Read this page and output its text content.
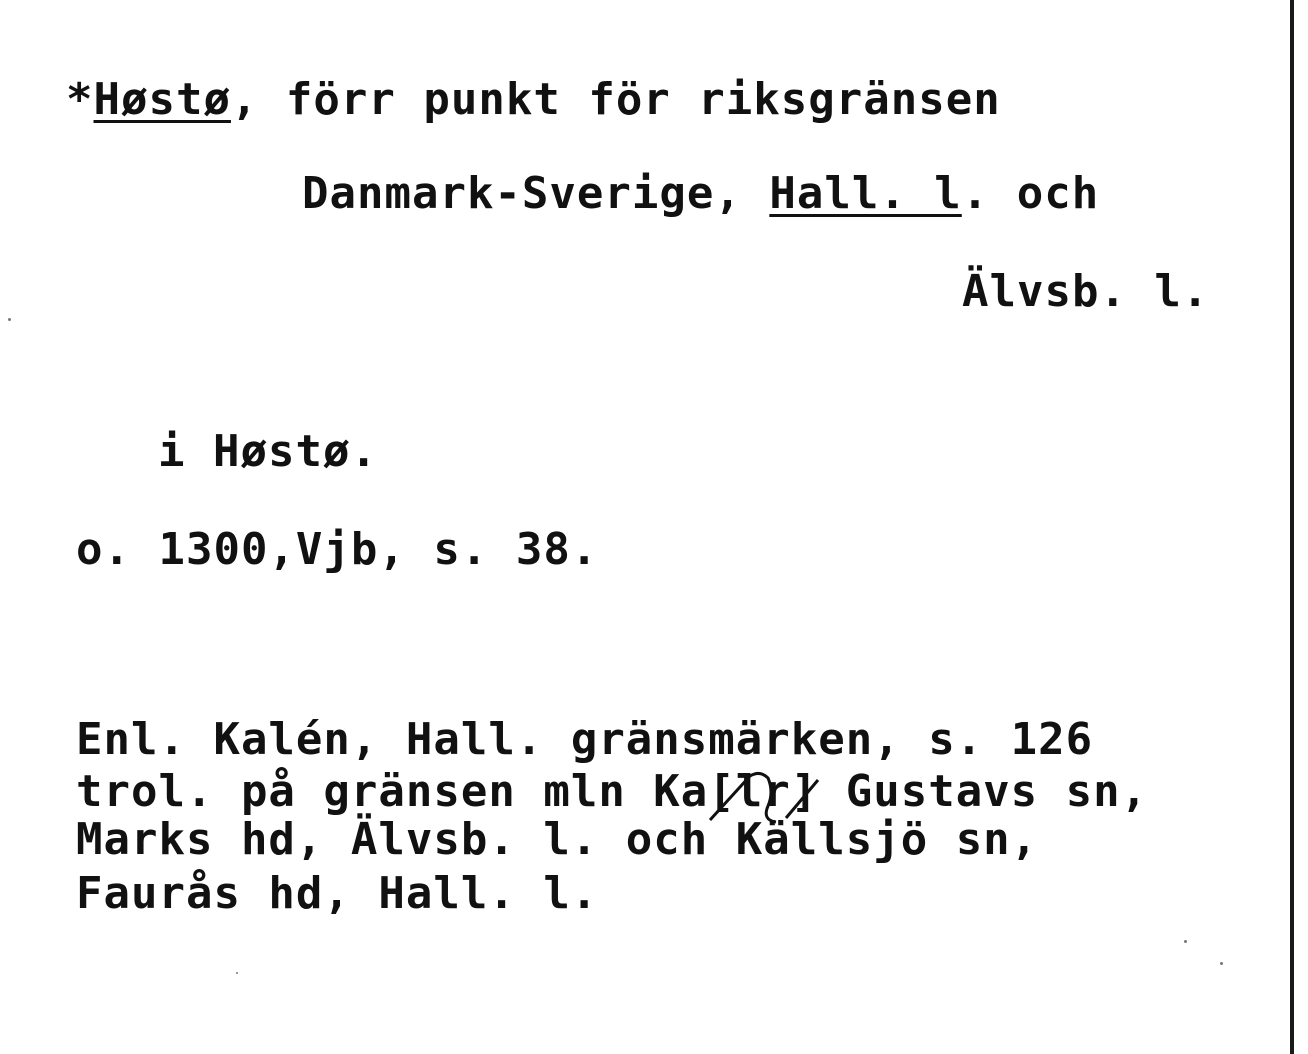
*Høstø, förr punkt för riksgränsen
Danmark-Sverige, Hall. l. och
Älvsb. l.
i Høstø.
o. 1300,Vjb, s. 38.
Enl. Kalén, Hall. gränsmärken, s. 126
trol. på gränsen mln Ka[lr] Gustavs sn,
Marks hd, Älvsb. l. och Källsjö sn,
Faurås hd, Hall. l.
